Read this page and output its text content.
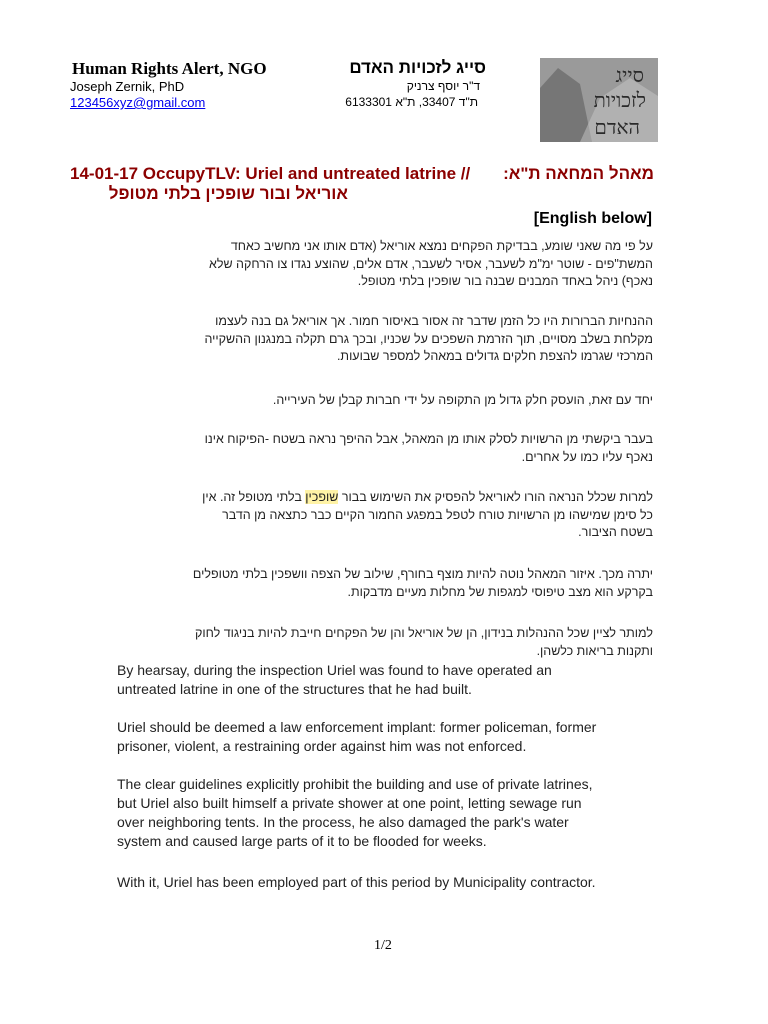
Human Rights Alert, NGO	סייג לזכויות האדם
Joseph Zernik, PhD	ד"ר יוסף צרניק
123456xyz@gmail.com	ת"ד 33407, ת"א 6133301
סייג
לזכויות
האדם
14-01-17 OccupyTLV: Uriel and untreated latrine // מאהל המחאה ת"א:
אוריאל ובור שופכין בלתי מטופל
[English below]
על פי מה שאני שומע, בבדיקת הפקחים נמצא אוריאל (אדם אותו אני מחשיב כאחד
המשת"פים - שוטר ימ"מ לשעבר, אסיר לשעבר, אדם אלים, שהוצע נגדו צו הרחקה שלא
נאכף) ניהל באחד המבנים שבנה בור שופכין בלתי מטופל.
ההנחיות הברורות היו כל הזמן שדבר זה אסור באיסור חמור. אך אוריאל גם בנה לעצמו
מקלחת בשלב מסויים, תוך הזרמת השפכים על שכניו, ובכך גרם תקלה במנגנון ההשקייה
המרכזי שגרמו להצפת חלקים גדולים במאהל למספר שבועות.
יחד עם זאת, הועסק חלק גדול מן התקופה על ידי חברות קבלן של העירייה.
בעבר ביקשתי מן הרשויות לסלק אותו מן המאהל, אבל ההיפך נראה בשטח -הפיקוח אינו
נאכף עליו כמו על אחרים.
למרות שכלל הנראה הורו לאוריאל להפסיק את השימוש בבור שופכין בלתי מטופל זה. אין
כל סימן שמישהו מן הרשויות טורח לטפל במפגע החמור הקיים כבר כתצאה מן הדבר
בשטח הציבור.
יתרה מכך. איזור המאהל נוטה להיות מוצף בחורף, שילוב של הצפה וושפכין בלתי מטופלים
בקרקע הוא מצב טיפוסי למגפות של מחלות מעיים מדבקות.
למותר לציין שכל ההנהלות בנידון, הן של אוריאל והן של הפקחים חייבת להיות בניגוד לחוק
ותקנות בריאות כלשהן.
By hearsay, during the inspection Uriel was found to have operated an
untreated latrine in one of the structures that he had built.
Uriel should be deemed a law enforcement implant: former policeman, former
prisoner, violent, a restraining order against him was not enforced.
The clear guidelines explicitly prohibit the building and use of private latrines,
but Uriel also built himself a private shower at one point, letting sewage run
over neighboring tents. In the process, he also damaged the park's water
system and caused large parts of it to be flooded for weeks.
With it, Uriel has been employed part of this period by Municipality contractor.
1/2
